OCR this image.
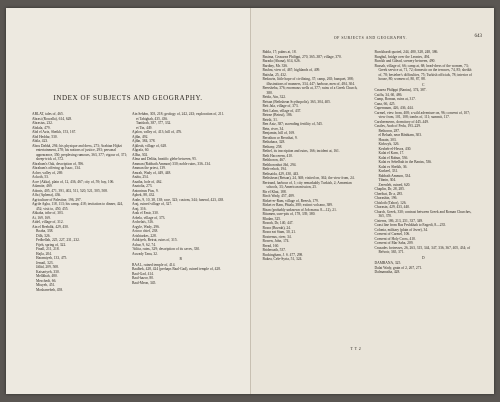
INDEX OF SUBJECTS AND GEOGRAPHY.
ABLAT, tales of, 465.
Abrasi (Rowalla), 614, 628.
Abrasius, 232.
Abdala, 479.
Abd el Aziz, Sheikh, 153, 167.
Abd Heddar, 530.
Abila, 423.
Abou Dabbâ, 294; his physique and dress, 273; Arabian Hijâzi entertainment, 278; his notions of justice, 293; personal appearance, 350; perplexing rumours, 363, 377; vigour of, 371; sheep-trick of, 372.
Abraham's Oak, description of, 396.
Abraham's offering up Isaac, 134.
Acher, valley of, 269.
Ackoth, 53.
Acre (Akka), plain of, 12, 436, 467; city of, 59; bay, 106.
Adamite, 469.
Adonis, 405, 471, 391, 402, 511, 520, 521, 505, 508.
Affa (Aphena), 436.
Agriculture of Palestine, 196, 297.
Agrile Agha, 118, 113; his camp, 418; invitation to dinner, 424, 452; visit to, 450, 455.
Ahkaba, tribe of, 303.
Ai, 169, 169.
Aidel, village of, 312.
Ain el Beehdât, 429, 450.
Boaba, 338.
Dilh, 326.
Fedbellab, 225, 227, 231, 232.
Fijeh, spring of, 322.
Finall, 211, 218.
Hajla, 204.
Haramiyeh, 133, 475.
Jemail, 323.
Jâlûd, 209, 508.
Kaisariyeh, 330.
Mellâhah, 480.
Meschedt, 66.
Miuyeh, 451.
Mosharrebeh, 458.
Ain Sebâm, 303, 218; geology of, 242, 243; exploration of, 211.
et Tabighah, 435, 436.
Tantûrah, 387, 377, 332.
et Tin, 449.
Ajalon, valley of, 413; hill of, 476.
Ajlûn, 492.
Ajlûn, 384, 378.
Ajkleah, village of, 628.
Algrafa, 60.
Allba, 302.
Alma and Delâta, beatific glebe between, 95.
Amman (Rabbath Ammon) 330; noble ruins, 336–134.
Amman the priest, 139.
Amrah, Wady of, 449, 448.
Anâta, 254.
Anatha, hole of, 462.
Anatolia, 273.
Antoninus Pius, 9.
Aphek, 88, 432.
Arabs, 9, 10, 38, 138; race, 323; custom, 344; funeral, 423, 438.
Araj, ruined village of, 327.
Araj, 316.
Arak el Emir, 330.
Arbela, village of, 373.
Archelaïs, 316.
Argyle, Wady, 296.
Arioco chief, 238.
Arishtarkes, 228.
Ashkiyeh, Beirut, ruins of, 315.
Ashur, 9, 62, 74.
'Atlita, ruins, 329; description of its caves, 330.
Aswady Tana, 32.
B
BAAL, ruined temple of, 414.
Baalbek, 428, 424 (perhaps Baal-Gad), ruined temple of, 428.
Baal-Gad, 414.
Baal-hazor, 80.
Baal-Meon, 345.
OF SUBJECTS AND GEOGRAPHY.	643
Babla, 17; palms at, 18.
Basima, Ceasarea Philippi, 270, 365–387; village, 370.
Barada (Abana), 614, 626.
Bardiny, Mr. 336.
Bashra, view of, 467; highlands of, 409.
Batisha, 25, 432.
Bedawin, little hope of civilizing, 37; camp, 265; banquet, 388; illustrations of manners, 334, 447; harbour, men of, 484, 304.
Beersheba, 376; enormous wells at, 377; ruins of a Greek Church, 380.
Beida, Ain, 322.
Beisan (Bethshean Scythopolis), 363, 304, 405.
Beit Jala, village of, 373.
Beit Lahm, village of, 437.
Beirne (Beirut), 186.
Beirût, 31.
Ben Aziz, 387; ascending fertility of, 545.
Betn, river, 34.
Benjamin, hill of, 169.
Berothon or Berothai, 9.
Bethabara, 328.
Bethany, 258.
Bethel, its inscription and ruins, 166; incident at, 161.
Beth Haccerem, 410.
Bethhoron, 467.
Bethhoronhot Jibl, 294.
Beth-rehob, 194.
Bethsaida, 429, 430, 443.
Bethshean (Beisan), 24, 368; visited on, 362; the view from, 24.
Bertrand, harbour of, 1; city remarkably Turkish, 2; Armenian schools, 33; American mission, 25.
Bir el Khat, 188.
Birch Wady, 457, 489.
Birket-er-Ram, village of, Beersh, 179.
Birket er Ram, Phiala, 380; extinct volcano, 389.
Bisan (probably unknown of Job manu. 8—12), 21.
Bitumen, sure-pits of, 178, 339, 380.
Bludan, 325.
Bosrah, Dr, 140, 447.
Bosra (Bozrah), 24.
Bosra eat Stam, 30, 21.
Bostrenus, river, 34.
Bowen, John, 174.
Bread, 160.
Brideroath, 537.
Buckingham, J. S. 477, 298.
Bukea, Cele-Syria, 51, 324.
Burckhardt quoted, 244, 480, 328, 248, 386.
Burghul, bridge over the Leontes, 494.
Burckh and Gilead, scenery between, 490.
Bussah, village of, 66; camp at, 68; head-dress of the women, 73; Greek service at, 71, 72; domestic on the terraces, 74, 85; sheikh of, 78; besieher's difficulties, 75; Turkish officials, 78; interior of house, 80; women of, 80, 87, 88.
C
Casarea Philippi (Banias), 374, 387.
Caiffa, 34, 60, 486.
Camp, Roman, ruins at, 317.
Cana, 66, 425.
Capernaum, 426, 436, 444.
Carmel, view from, 408; a wild adventure on, 96; convent of, 107; view from, 101, 108; tombs of, 111; summit, 117.
Carshermerns, dormitory of 445–449.
Castles, Arab of Fedu, 193–229.
Bethoron, 287.
el Belaah, near Bânhiam, 303.
Hasain, 303.
Kirkwyk, 326.
Kesbeh-el-Hesva, 430.
Kalat el Karn, 17.
Kalat el Rabun, 536.
Kalat es Sebelbah in the Banias, 536.
Kalat es Sheikh, 36.
Kurkeel, 331.
Rabbath Ammon, 334.
Tibnin, 304.
Zerenleh, ruined, 620.
Chaplin, Dr, 28, 285.
Cheribat, Dr a, 285.
Chorashin, 196.
Chisloth (Tabor), 126.
Chorasin, 429, 433, 440.
Church, Greek, 330; contrast between Greek and Roman Churches, 365, 370.
Cisterns, 186, 213, 251, 337, 349.
Coast line from Ras Feshkhah to Engedi, 8—235.
Colonia, military (plain of Jezre), 34.
Convent of Carmel, 106.
Convent of Holy Cross, 410.
Convent of Mar Saba, 209.
Crusades fortresses, 26, 263, 315, 344, 347, 336, 367, 405, 434; of Belvoir, 365, 371.
D
DAMBANA, 325.
Dalat Wady, grain of 2, 267, 271.
Dalmanutha, 428.
T T 2
